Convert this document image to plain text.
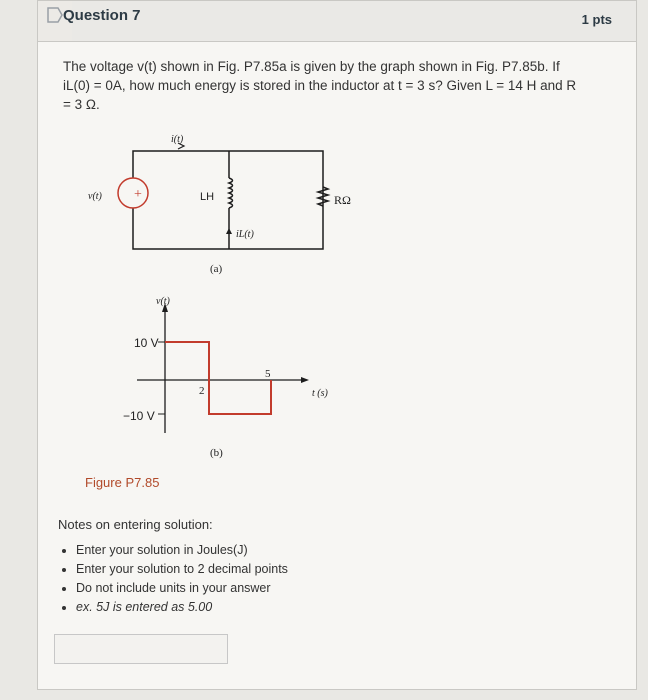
Question 7	1 pts
The voltage v(t) shown in Fig. P7.85a is given by the graph shown in Fig. P7.85b. If
iL(0) = 0A, how much energy is stored in the inductor at t = 3 s? Given L = 14 H and R
= 3 Ω.
+
i(t)
v(t)	LH
iL(t)
RΩ
(a)
v(t)
10 V
−10 V
2
5
t (s)
(b)
Figure P7.85
Notes on entering solution:
• Enter your solution in Joules(J)
• Enter your solution to 2 decimal points
• Do not include units in your answer
• ex. 5J is entered as 5.00
